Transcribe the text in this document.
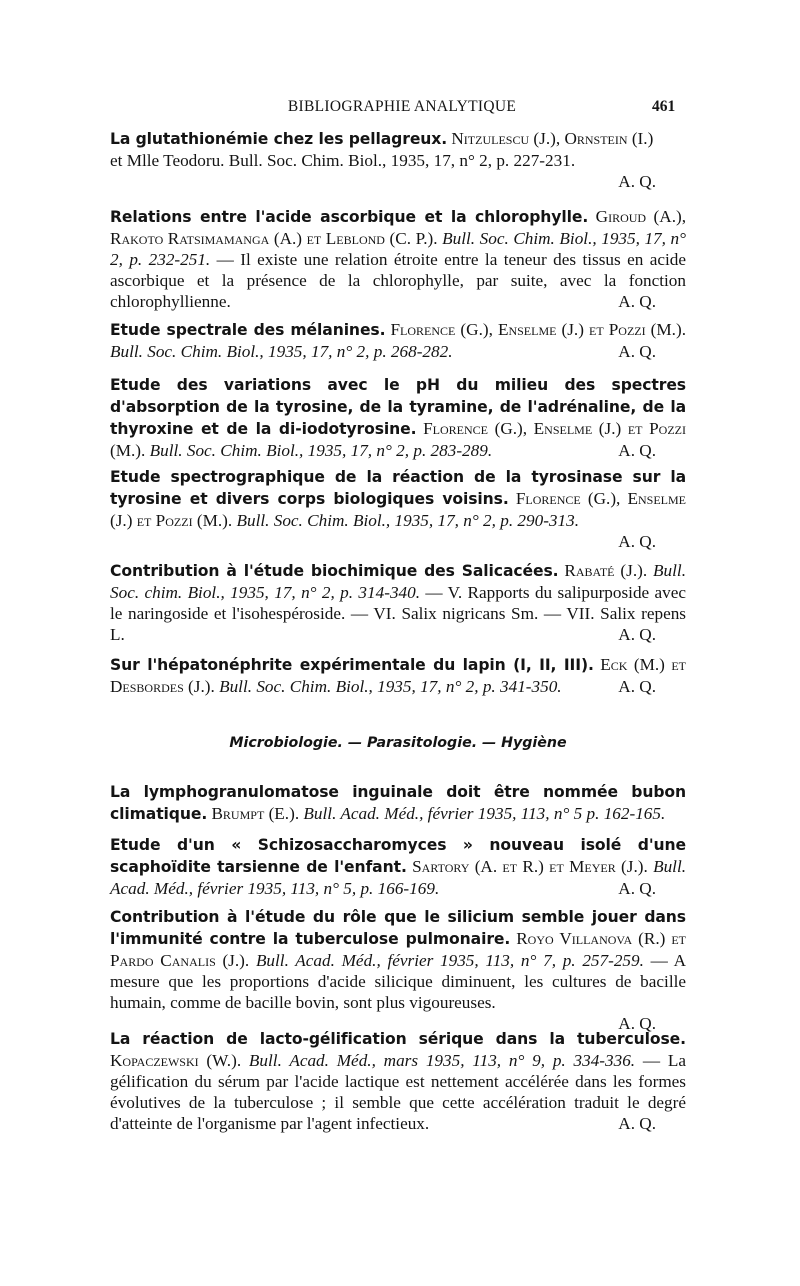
BIBLIOGRAPHIE ANALYTIQUE	461
La glutathionémie chez les pellagreux. Nitzulescu (J.), Ornstein (I.)
et Mlle Teodoru. Bull. Soc. Chim. Biol., 1935, 17, n° 2, p. 227-231.
A. Q.
Relations entre l'acide ascorbique et la chlorophylle. Giroud (A.), Rakoto Ratsimamanga (A.) et Leblond (C. P.). Bull. Soc. Chim. Biol., 1935, 17, n° 2, p. 232-251. — Il existe une relation étroite entre la teneur des tissus en acide ascorbique et la présence de la chlorophylle, par suite, avec la fonction chlorophyllienne.	A. Q.
Etude spectrale des mélanines. Florence (G.), Enselme (J.) et Pozzi (M.). Bull. Soc. Chim. Biol., 1935, 17, n° 2, p. 268-282.	A. Q.
Etude des variations avec le pH du milieu des spectres d'absorption de la tyrosine, de la tyramine, de l'adrénaline, de la thyroxine et de la di-iodotyrosine. Florence (G.), Enselme (J.) et Pozzi (M.). Bull. Soc. Chim. Biol., 1935, 17, n° 2, p. 283-289.	A. Q.
Etude spectrographique de la réaction de la tyrosinase sur la tyrosine et divers corps biologiques voisins. Florence (G.), Enselme (J.) et Pozzi (M.). Bull. Soc. Chim. Biol., 1935, 17, n° 2, p. 290-313.
A. Q.
Contribution à l'étude biochimique des Salicacées. Rabaté (J.). Bull. Soc. chim. Biol., 1935, 17, n° 2, p. 314-340. — V. Rapports du salipurposide avec le naringoside et l'isohespéroside. — VI. Salix nigricans Sm. — VII. Salix repens L.	A. Q.
Sur l'hépatonéphrite expérimentale du lapin (I, II, III). Eck (M.) et Desbordes (J.). Bull. Soc. Chim. Biol., 1935, 17, n° 2, p. 341-350.	A. Q.
Microbiologie. — Parasitologie. — Hygiène
La lymphogranulomatose inguinale doit être nommée bubon climatique. Brumpt (E.). Bull. Acad. Méd., février 1935, 113, n° 5 p. 162-165.
Etude d'un « Schizosaccharomyces » nouveau isolé d'une scaphoïdite tarsienne de l'enfant. Sartory (A. et R.) et Meyer (J.). Bull. Acad. Méd., février 1935, 113, n° 5, p. 166-169.	A. Q.
Contribution à l'étude du rôle que le silicium semble jouer dans l'immunité contre la tuberculose pulmonaire. Royo Villanova (R.) et Pardo Canalis (J.). Bull. Acad. Méd., février 1935, 113, n° 7, p. 257-259. — A mesure que les proportions d'acide silicique diminuent, les cultures de bacille humain, comme de bacille bovin, sont plus vigoureuses.
A. Q.
La réaction de lacto-gélification sérique dans la tuberculose. Kopaczewski (W.). Bull. Acad. Méd., mars 1935, 113, n° 9, p. 334-336. — La gélification du sérum par l'acide lactique est nettement accélérée dans les formes évolutives de la tuberculose ; il semble que cette accélération traduit le degré d'atteinte de l'organisme par l'agent infectieux.	A. Q.
